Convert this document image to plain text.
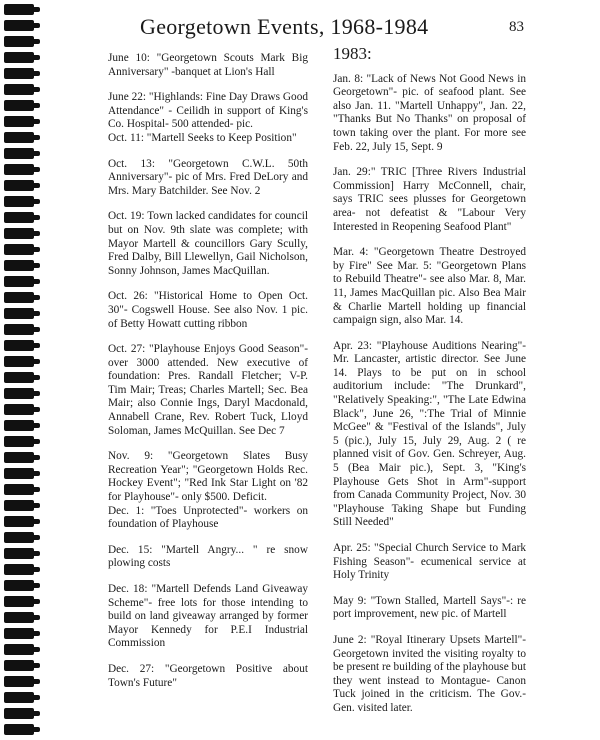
Georgetown Events, 1968-1984	83

June 10: "Georgetown Scouts Mark Big Anniversary" -banquet at Lion's Hall

June 22: "Highlands: Fine Day Draws Good Attendance" - Ceilidh in support of King's Co. Hospital- 500 attended- pic.
Oct. 11: "Martell Seeks to Keep Position"

Oct. 13: "Georgetown C.W.L. 50th Anniversary"- pic of Mrs. Fred DeLory and Mrs. Mary Batchilder. See Nov. 2

Oct. 19: Town lacked candidates for council but on Nov. 9th slate was complete; with Mayor Martell & councillors Gary Scully, Fred Dalby, Bill Llewellyn, Gail Nicholson, Sonny Johnson, James MacQuillan.

Oct. 26: "Historical Home to Open Oct. 30"- Cogswell House. See also Nov. 1 pic. of Betty Howatt cutting ribbon

Oct. 27: "Playhouse Enjoys Good Season"- over 3000 attended. New executive of foundation: Pres. Randall Fletcher; V-P. Tim Mair; Treas; Charles Martell; Sec. Bea Mair; also Connie Ings, Daryl Macdonald, Annabell Crane, Rev. Robert Tuck, Lloyd Soloman, James McQuillan. See Dec 7

Nov. 9: "Georgetown Slates Busy Recreation Year"; "Georgetown Holds Rec. Hockey Event"; "Red Ink Star Light on '82 for Playhouse"- only $500. Deficit.
Dec. 1: "Toes Unprotected"- workers on foundation of Playhouse

Dec. 15: "Martell Angry... " re snow plowing costs

Dec. 18: "Martell Defends Land Giveaway Scheme"- free lots for those intending to build on land giveaway arranged by former Mayor Kennedy for P.E.I Industrial Commission

Dec. 27: "Georgetown Positive about Town's Future"

1983:

Jan. 8: "Lack of News Not Good News in Georgetown"- pic. of seafood plant. See also Jan. 11. "Martell Unhappy", Jan. 22, "Thanks But No Thanks" on proposal of town taking over the plant. For more see Feb. 22, July 15, Sept. 9

Jan. 29:" TRIC [Three Rivers Industrial Commission] Harry McConnell, chair, says TRIC sees plusses for Georgetown area- not defeatist & "Labour Very Interested in Reopening Seafood Plant"

Mar. 4: "Georgetown Theatre Destroyed by Fire" See Mar. 5: "Georgetown Plans to Rebuild Theatre"- see also Mar. 8, Mar. 11, James MacQuillan pic. Also Bea Mair & Charlie Martell holding up financial campaign sign, also Mar. 14.

Apr. 23: "Playhouse Auditions Nearing"- Mr. Lancaster, artistic director. See June 14. Plays to be put on in school auditorium include: "The Drunkard", "Relatively Speaking:", "The Late Edwina Black", June 26, ":The Trial of Minnie McGee" & "Festival of the Islands", July 5 (pic.), July 15, July 29, Aug. 2 ( re planned visit of Gov. Gen. Schreyer, Aug. 5 (Bea Mair pic.), Sept. 3, "King's Playhouse Gets Shot in Arm"-support from Canada Community Project, Nov. 30 "Playhouse Taking Shape but Funding Still Needed"

Apr. 25: "Special Church Service to Mark Fishing Season"- ecumenical service at Holy Trinity

May 9: "Town Stalled, Martell Says"-: re port improvement, new pic. of Martell

June 2: "Royal Itinerary Upsets Martell"- Georgetown invited the visiting royalty to be present re building of the playhouse but they went instead to Montague- Canon Tuck joined in the criticism. The Gov.- Gen. visited later.
